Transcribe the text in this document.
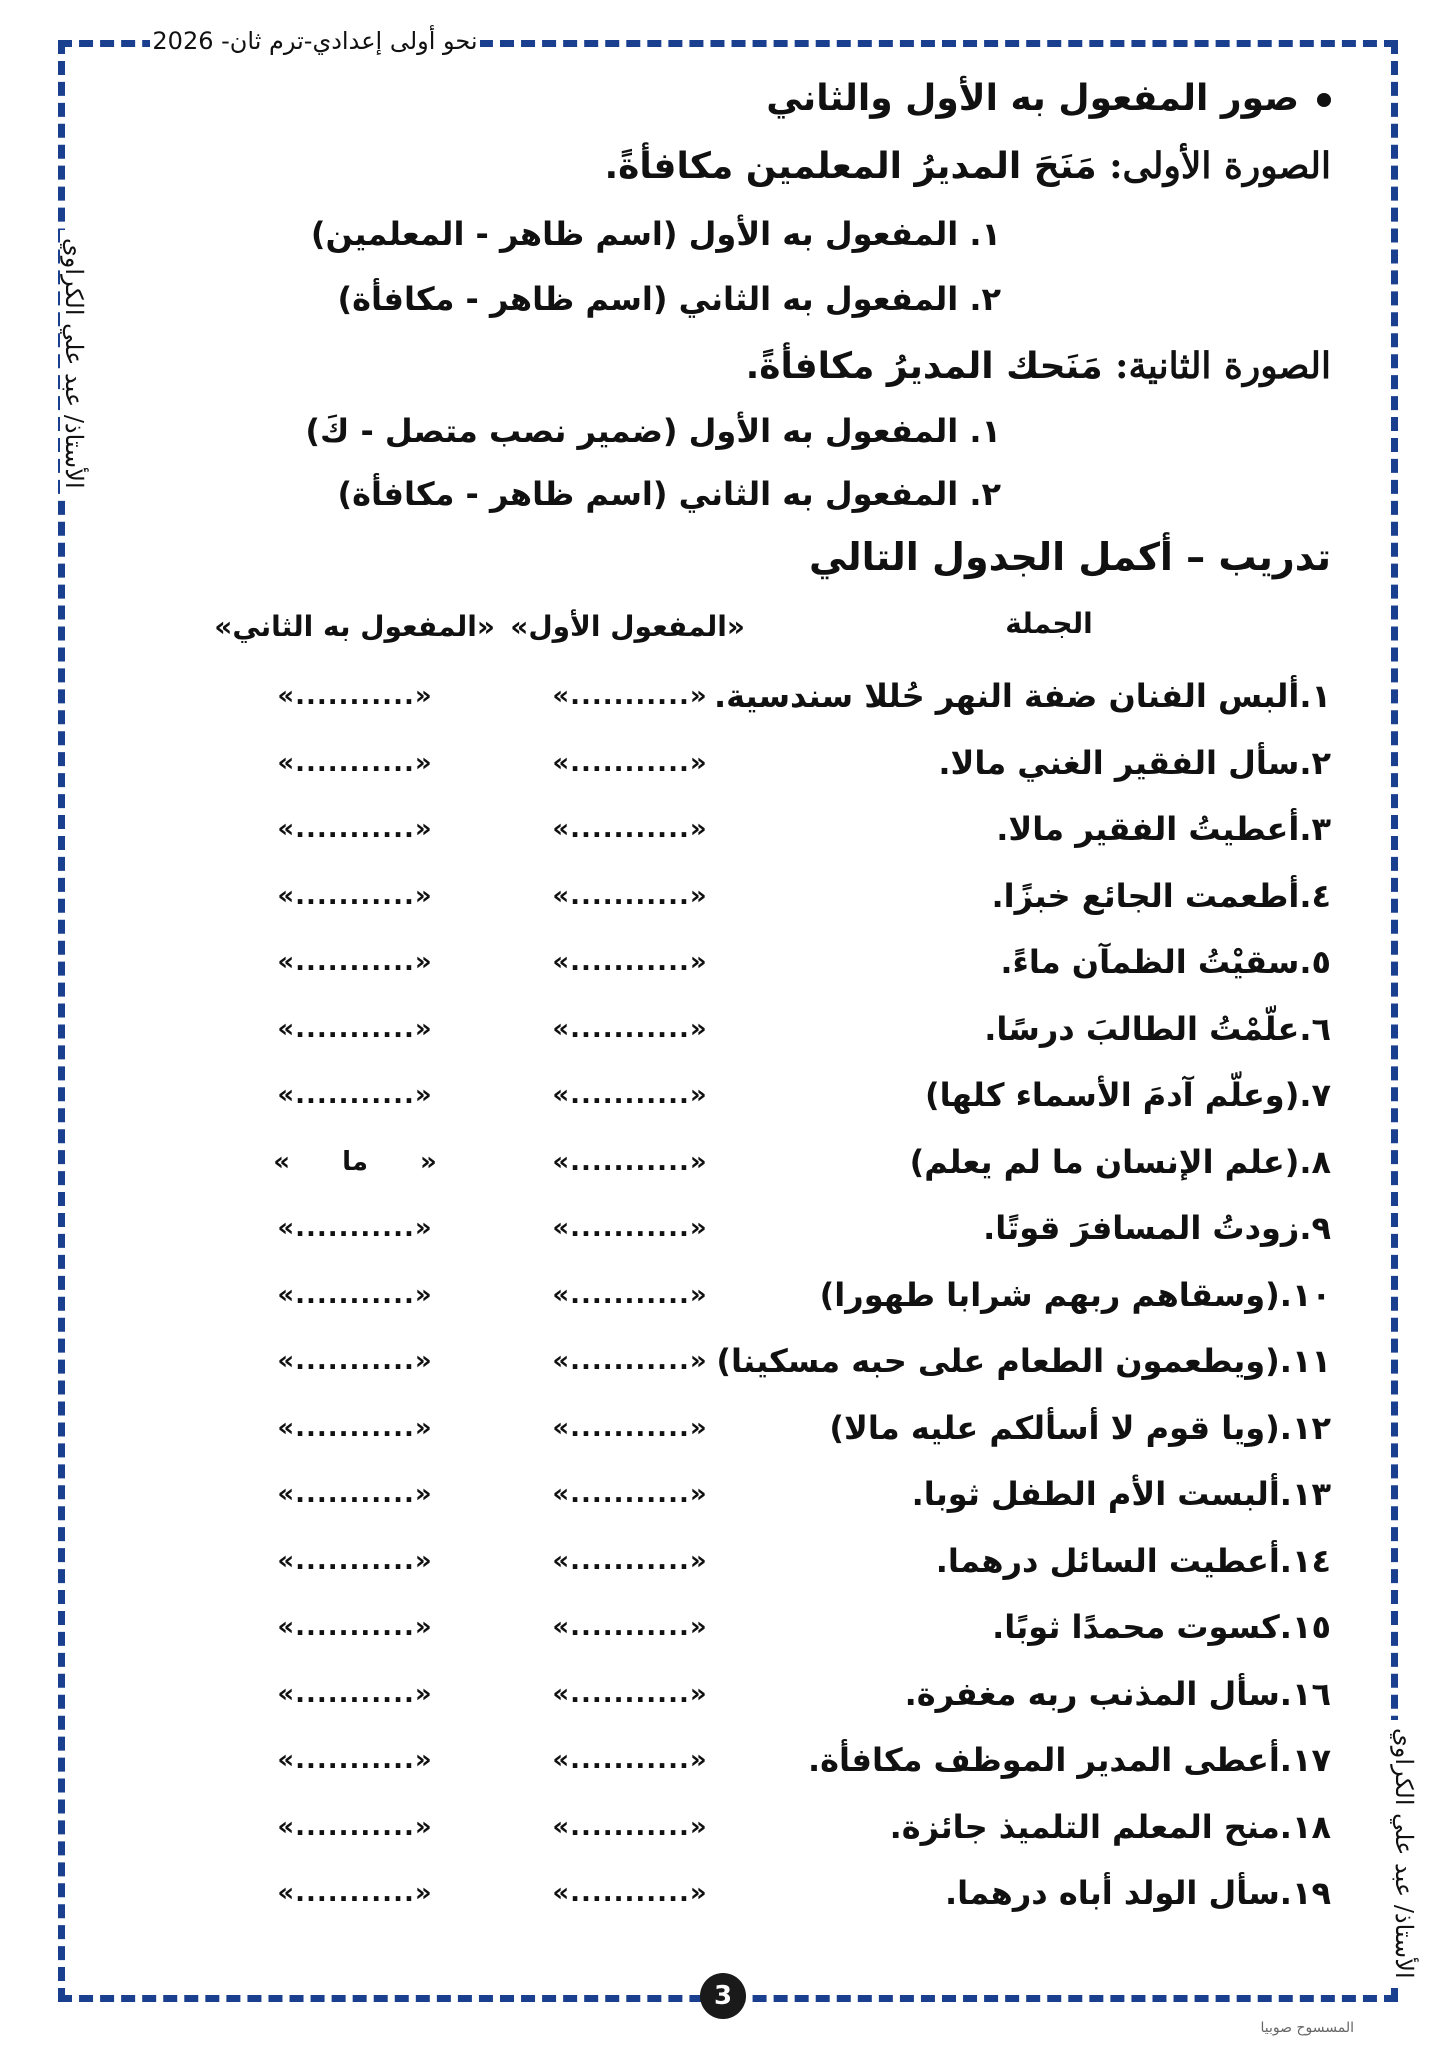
نحو أولى إعدادي-ترم ثان- 2026
الأستاذ/ عبد علي الكراوي
الأستاذ/ عبد علي الكراوي
3
المسسوح صوبيا
صور المفعول به الأول والثاني
الصورة الأولى: مَنَحَ المديرُ المعلمين مكافأةً.
١. المفعول به الأول (اسم ظاهر - المعلمين)
٢. المفعول به الثاني (اسم ظاهر - مكافأة)
الصورة الثانية: مَنَحك المديرُ مكافأةً.
١. المفعول به الأول (ضمير نصب متصل - كَ)
٢. المفعول به الثاني (اسم ظاهر - مكافأة)
تدريب – أكمل الجدول التالي
الجملة
«المفعول الأول»
«المفعول به الثاني»
١.ألبس الفنان ضفة النهر حُللا سندسية.
«...........»
«...........»
٢.سأل الفقير الغني مالا.
«...........»
«...........»
٣.أعطيتُ الفقير مالا.
«...........»
«...........»
٤.أطعمت الجائع خبزًا.
«...........»
«...........»
٥.سقيْتُ الظمآن ماءً.
«...........»
«...........»
٦.علّمْتُ الطالبَ درسًا.
«...........»
«...........»
٧.(وعلّم آدمَ الأسماء كلها)
«...........»
«...........»
٨.(علم الإنسان ما لم يعلم)
«...........»
« ما »
٩.زودتُ المسافرَ قوتًا.
«...........»
«...........»
١٠.(وسقاهم ربهم شرابا طهورا)
«...........»
«...........»
١١.(ويطعمون الطعام على حبه مسكينا)
«...........»
«...........»
١٢.(ويا قوم لا أسألكم عليه مالا)
«...........»
«...........»
١٣.ألبست الأم الطفل ثوبا.
«...........»
«...........»
١٤.أعطيت السائل درهما.
«...........»
«...........»
١٥.كسوت محمدًا ثوبًا.
«...........»
«...........»
١٦.سأل المذنب ربه مغفرة.
«...........»
«...........»
١٧.أعطى المدير الموظف مكافأة.
«...........»
«...........»
١٨.منح المعلم التلميذ جائزة.
«...........»
«...........»
١٩.سأل الولد أباه درهما.
«...........»
«...........»
